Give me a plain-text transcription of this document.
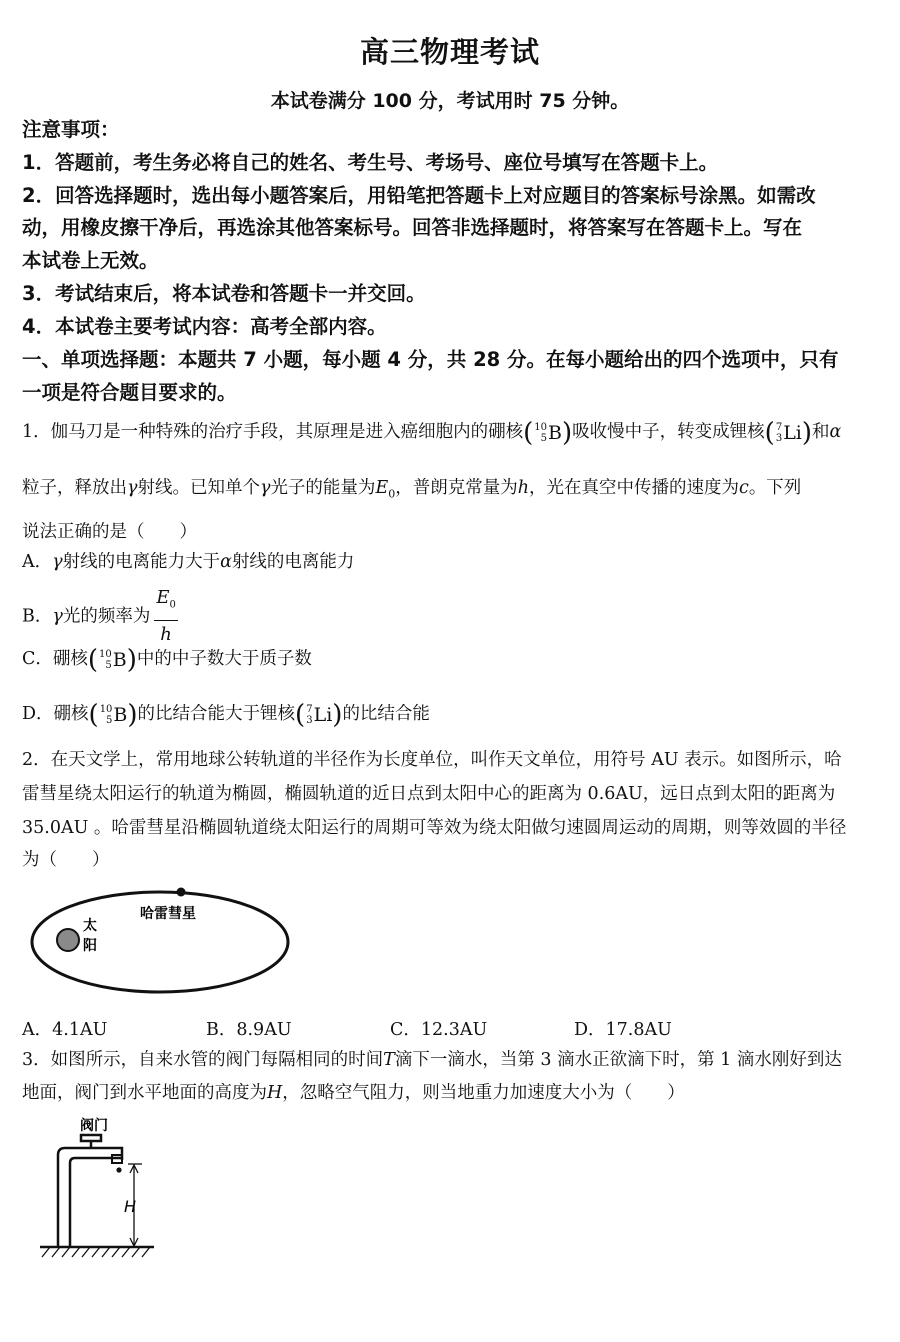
高三物理考试
本试卷满分 100 分，考试用时 75 分钟。
注意事项：
1．答题前，考生务必将自己的姓名、考生号、考场号、座位号填写在答题卡上。
2．回答选择题时，选出每小题答案后，用铅笔把答题卡上对应题目的答案标号涂黑。如需改
动，用橡皮擦干净后，再选涂其他答案标号。回答非选择题时，将答案写在答题卡上。写在
本试卷上无效。
3．考试结束后，将本试卷和答题卡一并交回。
4．本试卷主要考试内容：高考全部内容。
一、单项选择题：本题共 7 小题，每小题 4 分，共 28 分。在每小题给出的四个选项中，只有
一项是符合题目要求的。
1．伽马刀是一种特殊的治疗手段，其原理是进入癌细胞内的硼核 ( 10
5 B ) 吸收慢中子，转变成锂核 ( 7
3 Li ) 和α
粒子，释放出γ射线。已知单个γ光子的能量为$E_0$，普朗克常量为h，光在真空中传播的速度为c。下列
说法正确的是（　　）
A．γ射线的电离能力大于α射线的电离能力
B．γ光的频率为 $\frac{E_0}{h}$
C．硼核 ( 10
5 B ) 中的中子数大于质子数
D．硼核 ( 10
5 B ) 的比结合能大于锂核 ( 7
3 Li ) 的比结合能
2．在天文学上，常用地球公转轨道的半径作为长度单位，叫作天文单位，用符号 AU 表示。如图所示，哈
雷彗星绕太阳运行的轨道为椭圆，椭圆轨道的近日点到太阳中心的距离为 0.6AU，远日点到太阳的距离为
35.0AU 。哈雷彗星沿椭圆轨道绕太阳运行的周期可等效为绕太阳做匀速圆周运动的周期，则等效圆的半径
为（　　）
哈雷彗星
太
阳
A．4.1AU	B．8.9AU	C．12.3AU	D．17.8AU
3．如图所示，自来水管的阀门每隔相同的时间T滴下一滴水，当第 3 滴水正欲滴下时，第 1 滴水刚好到达
地面，阀门到水平地面的高度为H，忽略空气阻力，则当地重力加速度大小为（　　）
阀门
H
